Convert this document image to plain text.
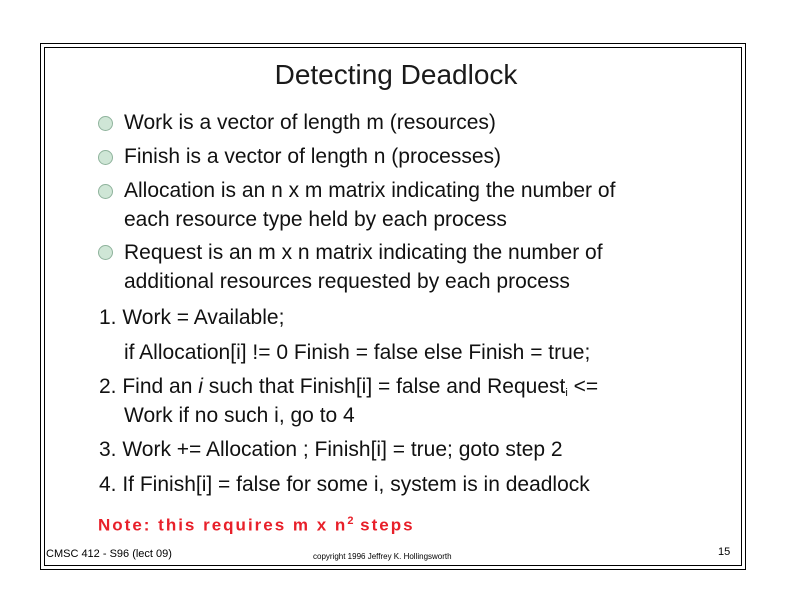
Detecting Deadlock
Work is a vector of length m (resources)
Finish is a vector of length n (processes)
Allocation is an n x m matrix indicating the number of
each resource type held by each process
Request is an m x n matrix indicating the number of
additional resources requested by each process
1. Work = Available;
if Allocation[i] != 0 Finish = false else Finish = true;
2. Find an i such that Finish[i] = false and Requesti <=
Work if no such i, go to 4
3. Work += Allocation ; Finish[i] = true; goto step 2
4. If Finish[i] = false for some i, system is in deadlock
Note: this requires m x $n^2$ steps
CMSC 412 - S96 (lect 09)	copyright 1996 Jeffrey K. Hollingsworth	15
